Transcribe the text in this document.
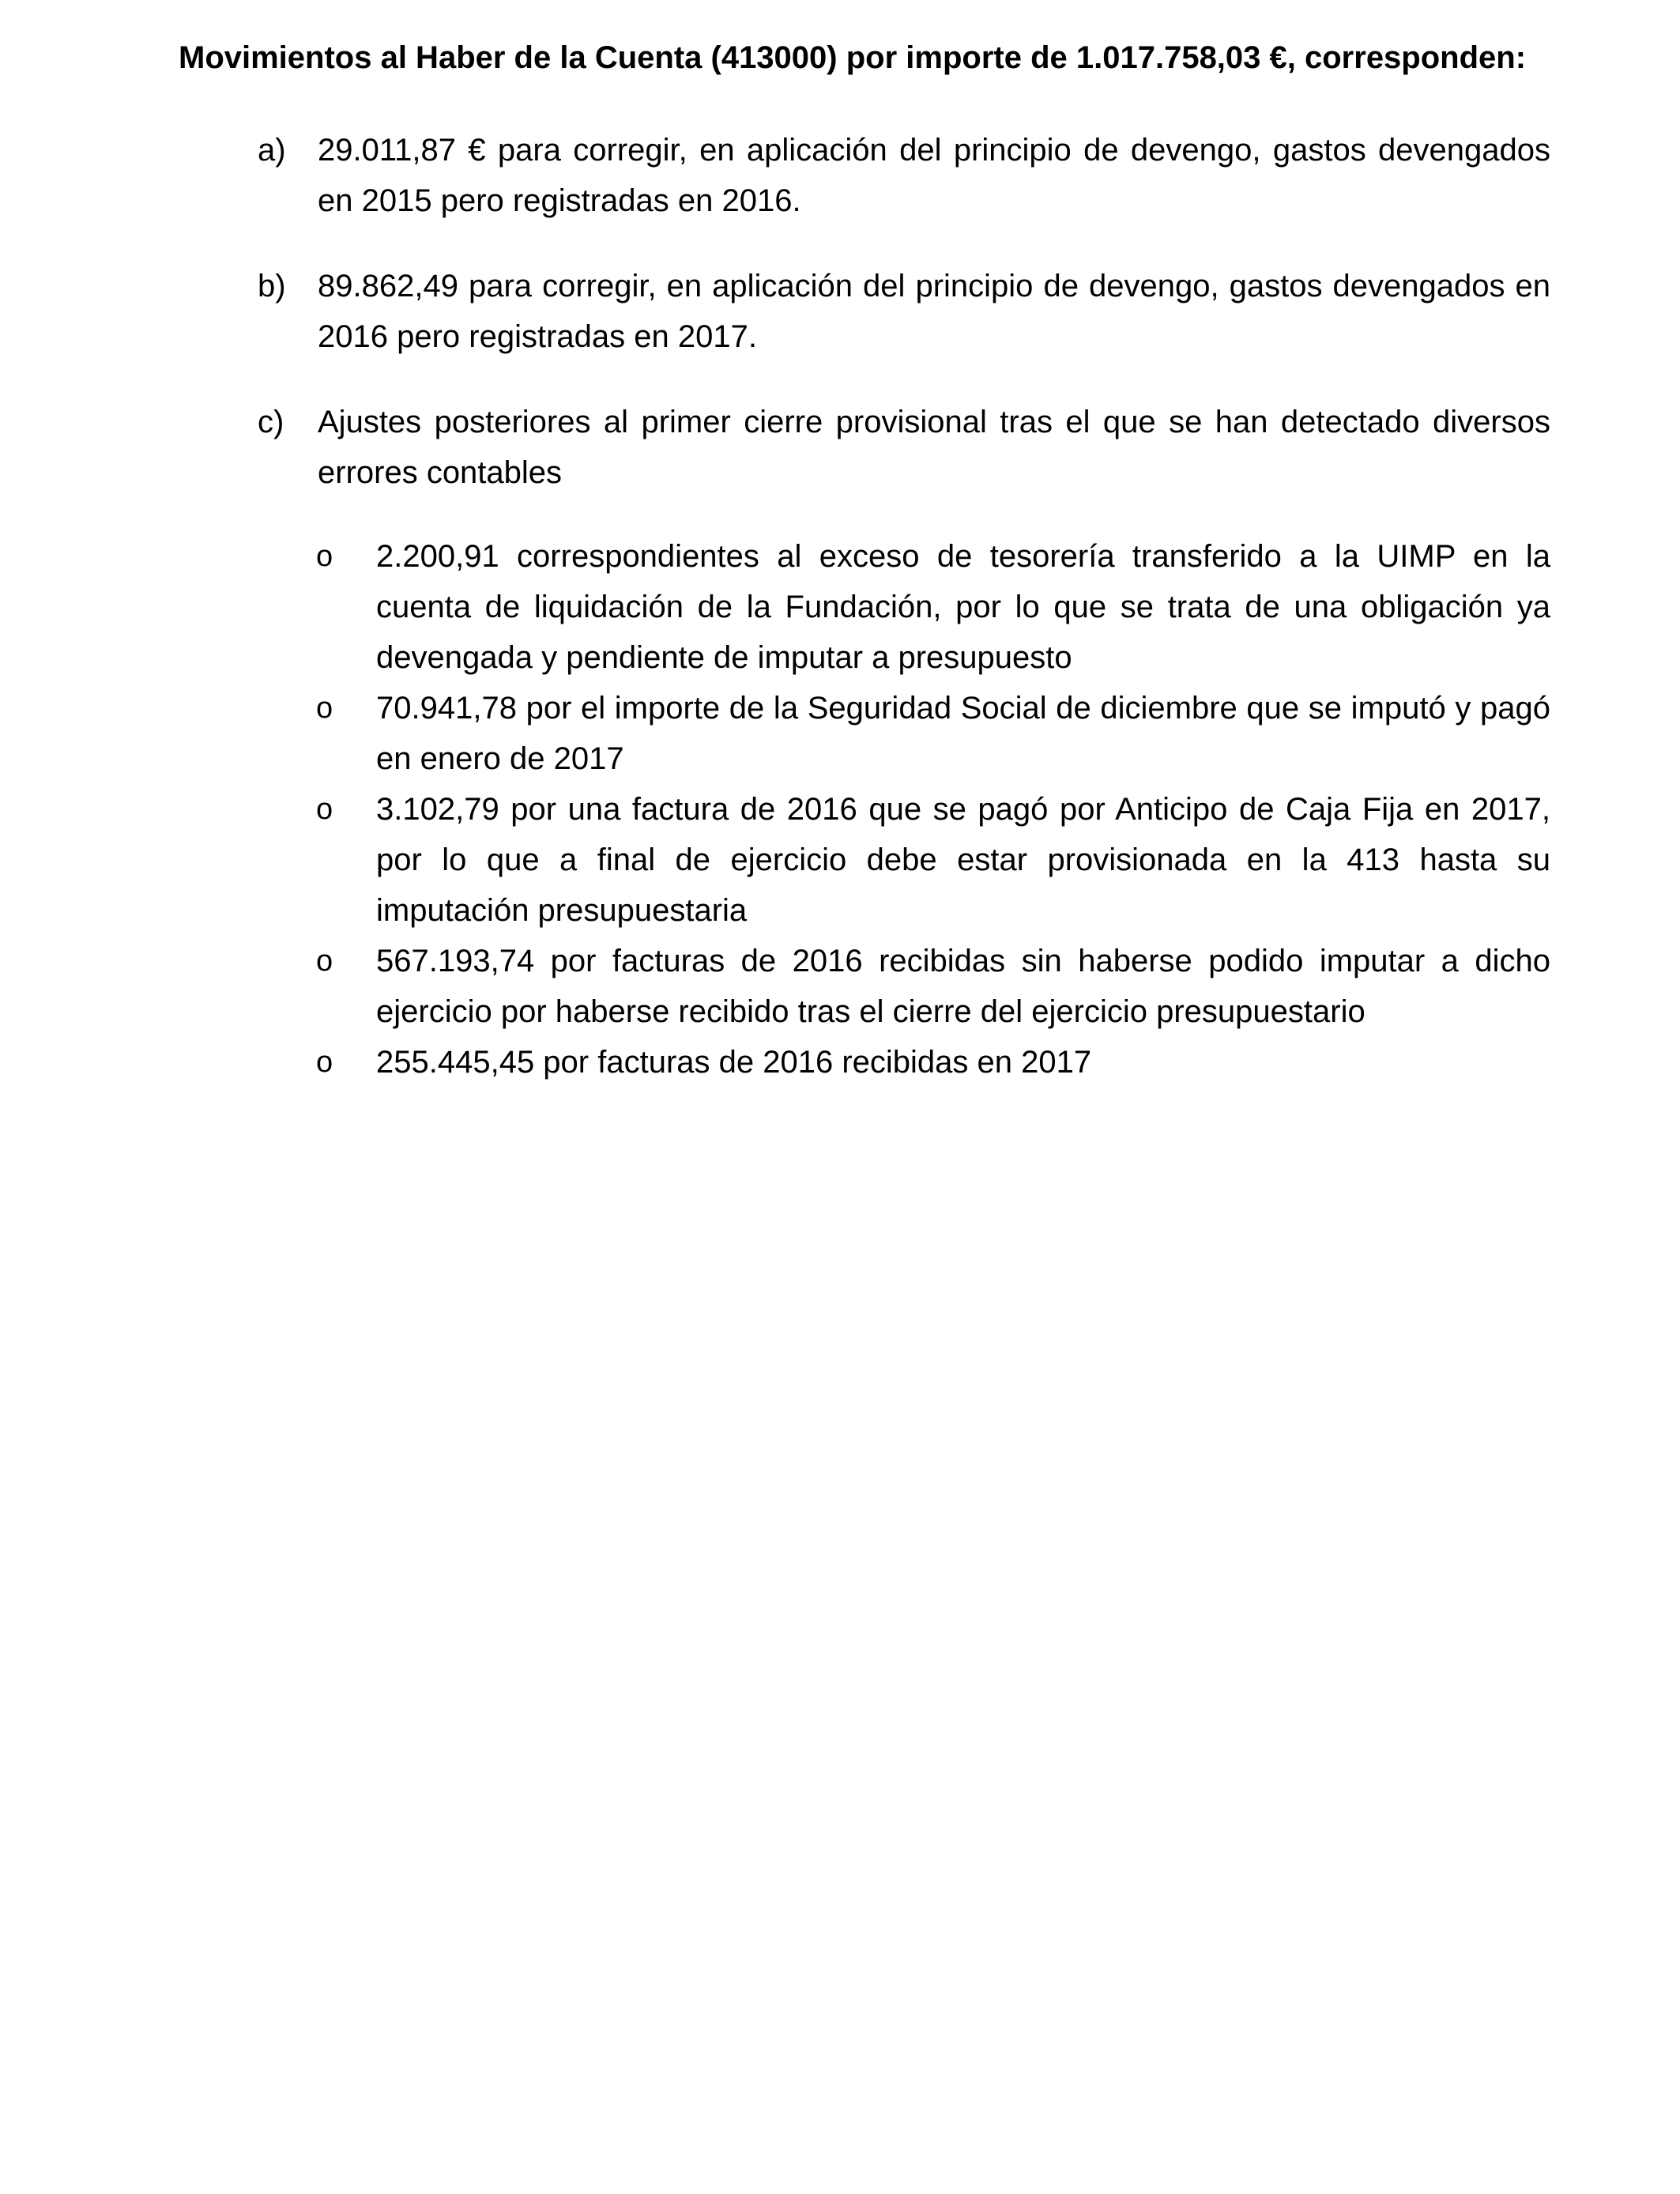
Movimientos al Haber de la Cuenta (413000) por importe de 1.017.758,03 €, corresponden:
a)	29.011,87 € para corregir, en aplicación del principio de devengo, gastos devengados en 2015 pero registradas en 2016.
b)	89.862,49 para corregir, en aplicación del principio de devengo, gastos devengados en 2016 pero registradas en 2017.
c)	Ajustes posteriores al primer cierre provisional tras el que se han detectado diversos errores contables
o	2.200,91 correspondientes al exceso de tesorería transferido a la UIMP en la cuenta de liquidación de la Fundación, por lo que se trata de una obligación ya devengada y pendiente de imputar a presupuesto
o	70.941,78 por el importe de la Seguridad Social de diciembre que se imputó y pagó en enero de 2017
o	3.102,79 por una factura de 2016 que se pagó por Anticipo de Caja Fija en 2017, por lo que a final de ejercicio debe estar provisionada en la 413 hasta su imputación presupuestaria
o	567.193,74 por facturas de 2016 recibidas sin haberse podido imputar a dicho ejercicio por haberse recibido tras el cierre del ejercicio presupuestario
o	255.445,45 por facturas de 2016 recibidas en 2017
